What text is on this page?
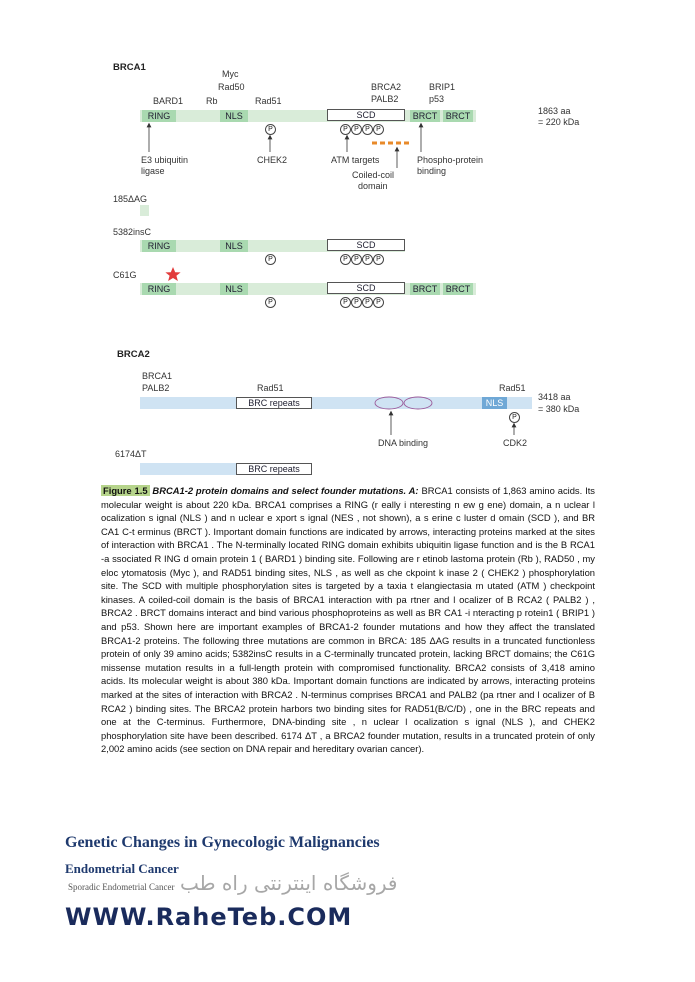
BRCA1
BARD1
Myc
Rad50
Rb	Rad51
BRCA2
PALB2
BRIP1
p53
RING	NLS	SCD	BRCT BRCT	1863 aa
= 220 kDa
P	P P P P
E3 ubiquitin
ligase
CHEK2	ATM targets
Coiled-coil
domain
Phospho-protein
binding
185ΔAG
5382insC
RING	NLS	SCD
P	P P P P
C61G
RING	NLS	SCD	BRCT BRCT
P	P P P P
BRCA2
BRCA1
PALB2	Rad51	Rad51
BRC repeats	NLS
3418 aa
= 380 kDa
P
DNA binding	CDK2
6174ΔT
BRC repeats
Figure 1.5 BRCA1-2 protein domains and select founder mutations. A: BRCA1 consists of 1,863 amino acids. Its molecular weight is about 220 kDa. BRCA1 comprises a RING (r eally i nteresting n ew g ene) domain, a n uclear l ocalization s ignal (NLS ) and n uclear e xport s ignal (NES , not shown), a s erine c luster d omain (SCD ), and BR CA1 C-t erminus (BRCT ). Important domain functions are indicated by arrows, interacting proteins marked at the sites of interaction with BRCA1 . The N-terminally located RING domain exhibits ubiquitin ligase function and is the B RCA1 -a ssociated R ING d omain protein 1 ( BARD1 ) binding site. Following are r etinob lastoma protein (Rb ), RAD50 , my eloc ytomatosis (Myc ), and RAD51 binding sites, NLS , as well as che ckpoint k inase 2 ( CHEK2 ) phosphorylation site. The SCD with multiple phosphorylation sites is targeted by a taxia t elangiectasia m utated (ATM ) checkpoint kinases. A coiled-coil domain is the basis of BRCA1 interaction with pa rtner and l ocalizer of B RCA2 ( PALB2 ) , BRCA2 . BRCT domains interact and bind various phosphoproteins as well as BR CA1 -i nteracting p rotein1 ( BRIP1 ) and p53. Shown here are important examples of BRCA1-2 founder mutations and how they affect the translated BRCA1-2 proteins. The following three mutations are common in BRCA: 185 ΔAG results in a truncated functionless protein of only 39 amino acids; 5382insC results in a C-terminally truncated protein, lacking BRCT domains; the C61G missense mutation results in a full-length protein with compromised functionality. BRCA2 consists of 3,418 amino acids. Its molecular weight is about 380 kDa. Important domain functions are indicated by arrows, interacting proteins marked at the sites of interaction with BRCA2 . N-terminus comprises BRCA1 and PALB2 (pa rtner and l ocalizer of B RCA2 ) binding sites. The BRCA2 protein harbors two binding sites for RAD51(B/C/D) , one in the BRC repeats and one at the C-terminus. Furthermore, DNA-binding site , n uclear l ocalization s ignal (NLS ), and CHEK2 phosphorylation site have been described. 6174 ΔT , a BRCA2 founder mutation, results in a truncated protein of only 2,002 amino acids (see section on DNA repair and hereditary ovarian cancer).
Genetic Changes in Gynecologic Malignancies
Endometrial Cancer
Sporadic Endometrial Cancer فروشگاه اینترنتی راه طب
WWW.RaheTeb.COM
